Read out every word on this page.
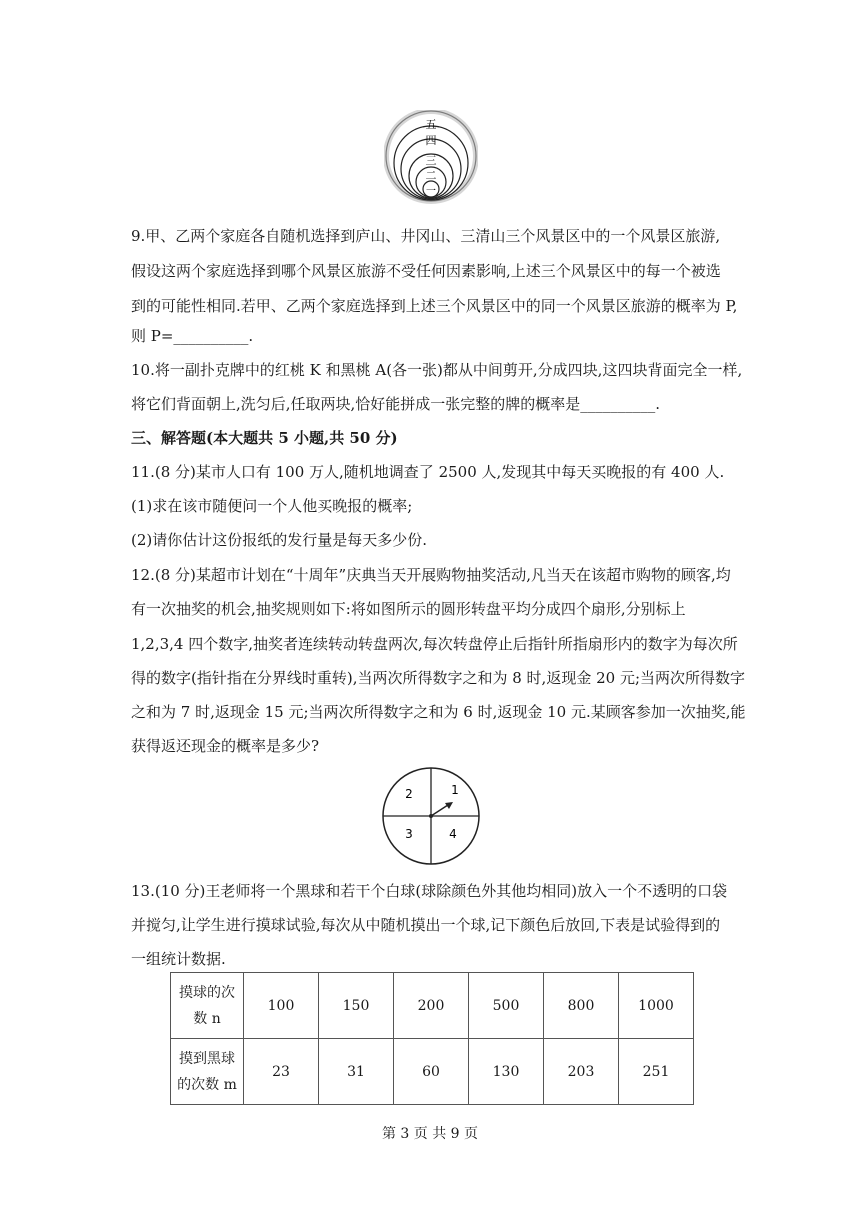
五
四
三
二
一
9.甲、乙两个家庭各自随机选择到庐山、井冈山、三清山三个风景区中的一个风景区旅游,
假设这两个家庭选择到哪个风景区旅游不受任何因素影响,上述三个风景区中的每一个被选
到的可能性相同.若甲、乙两个家庭选择到上述三个风景区中的同一个风景区旅游的概率为 P,
则 P=__________.
10.将一副扑克牌中的红桃 K 和黑桃 A(各一张)都从中间剪开,分成四块,这四块背面完全一样,
将它们背面朝上,洗匀后,任取两块,恰好能拼成一张完整的牌的概率是__________.
三、解答题(本大题共 5 小题,共 50 分)
11.(8 分)某市人口有 100 万人,随机地调查了 2500 人,发现其中每天买晚报的有 400 人.
(1)求在该市随便问一个人他买晚报的概率;
(2)请你估计这份报纸的发行量是每天多少份.
12.(8 分)某超市计划在“十周年”庆典当天开展购物抽奖活动,凡当天在该超市购物的顾客,均
有一次抽奖的机会,抽奖规则如下:将如图所示的圆形转盘平均分成四个扇形,分别标上
1,2,3,4 四个数字,抽奖者连续转动转盘两次,每次转盘停止后指针所指扇形内的数字为每次所
得的数字(指针指在分界线时重转),当两次所得数字之和为 8 时,返现金 20 元;当两次所得数字
之和为 7 时,返现金 15 元;当两次所得数字之和为 6 时,返现金 10 元.某顾客参加一次抽奖,能
获得返还现金的概率是多少?
2	1
3	4
13.(10 分)王老师将一个黑球和若干个白球(球除颜色外其他均相同)放入一个不透明的口袋
并搅匀,让学生进行摸球试验,每次从中随机摸出一个球,记下颜色后放回,下表是试验得到的
一组统计数据.
摸球的次
数 n	100	150	200	500	800	1000

摸到黑球
的次数 m	23	31	60	130	203	251
第 3 页 共 9 页
